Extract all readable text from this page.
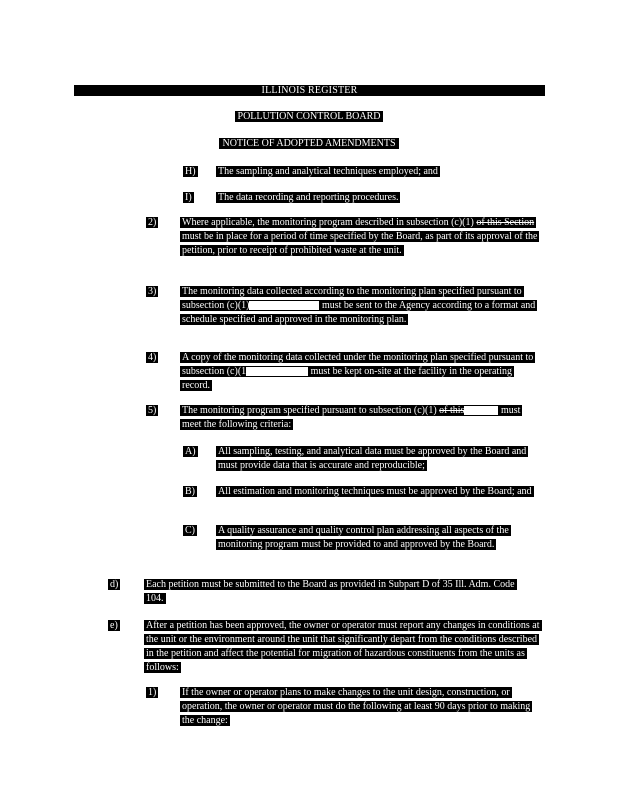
ILLINOIS REGISTER
POLLUTION CONTROL BOARD
NOTICE OF ADOPTED AMENDMENTS
H) The sampling and analytical techniques employed; and
I)	The data recording and reporting procedures.
2)	Where applicable, the monitoring program described in subsection (c)(1) of this Section must be in place for a period of time specified by the Board, as part of its approval of the petition, prior to receipt of prohibited waste at the unit.
3)	The monitoring data collected according to the monitoring plan specified pursuant to subsection (c)(1)	must be sent to the Agency according to a format and schedule specified and approved in the monitoring plan.
4)	A copy of the monitoring data collected under the monitoring plan specified pursuant to subsection (c)(1	must be kept on-site at the facility in the operating record.
5)	The monitoring program specified pursuant to subsection (c)(1) of this	must meet the following criteria:
A) All sampling, testing, and analytical data must be approved by the Board and must provide data that is accurate and reproducible;
B) All estimation and monitoring techniques must be approved by the Board; and
C) A quality assurance and quality control plan addressing all aspects of the monitoring program must be provided to and approved by the Board.
d)	Each petition must be submitted to the Board as provided in Subpart D of 35 Ill. Adm. Code 104.
e)	After a petition has been approved, the owner or operator must report any changes in conditions at the unit or the environment around the unit that significantly depart from the conditions described in the petition and affect the potential for migration of hazardous constituents from the units as follows:
1)	If the owner or operator plans to make changes to the unit design, construction, or operation, the owner or operator must do the following at least 90 days prior to making the change:
